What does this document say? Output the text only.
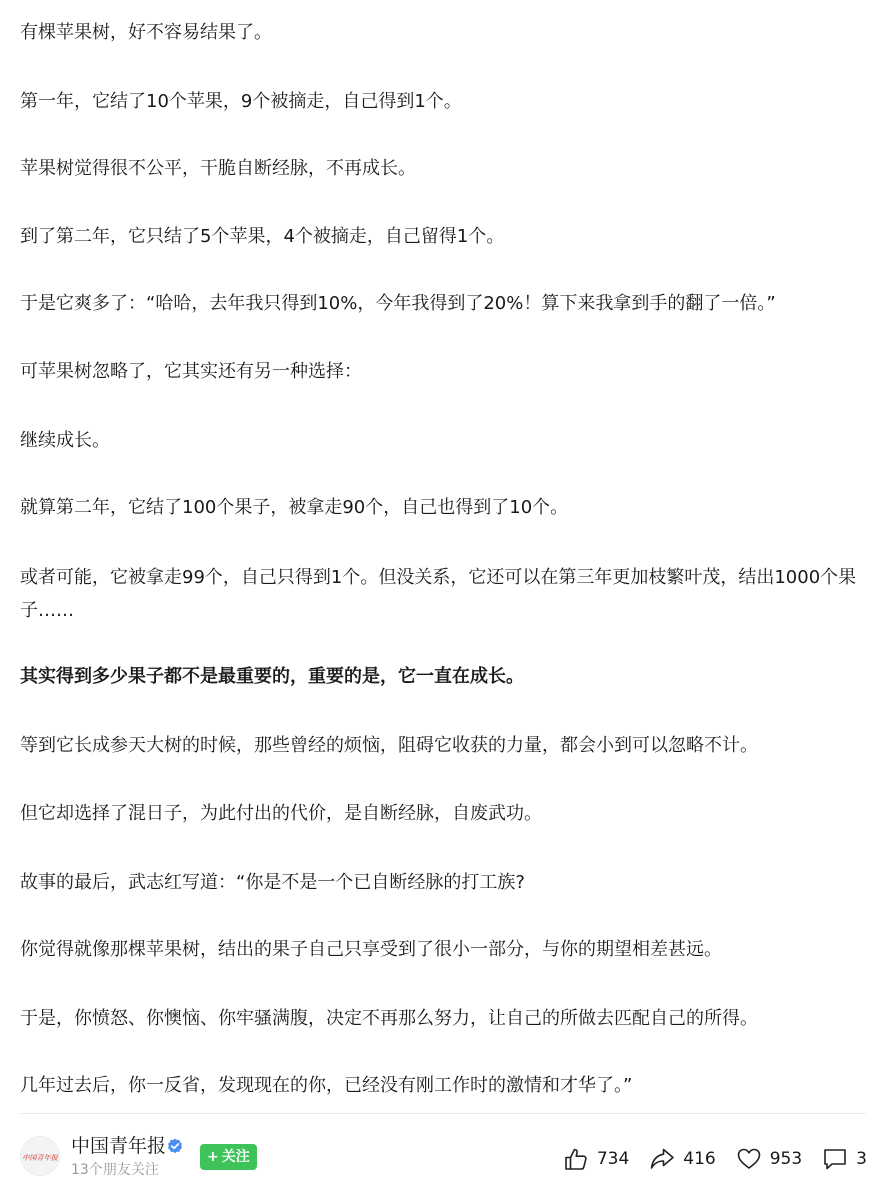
有棵苹果树，好不容易结果了。

第一年，它结了10个苹果，9个被摘走，自己得到1个。

苹果树觉得很不公平，干脆自断经脉，不再成长。

到了第二年，它只结了5个苹果，4个被摘走，自己留得1个。

于是它爽多了：“哈哈，去年我只得到10%，今年我得到了20%！算下来我拿到手的翻了一倍。”

可苹果树忽略了，它其实还有另一种选择：

继续成长。

就算第二年，它结了100个果子，被拿走90个，自己也得到了10个。

或者可能，它被拿走99个，自己只得到1个。但没关系，它还可以在第三年更加枝繁叶茂，结出1000个果子……

其实得到多少果子都不是最重要的，重要的是，它一直在成长。

等到它长成参天大树的时候，那些曾经的烦恼，阻碍它收获的力量，都会小到可以忽略不计。

但它却选择了混日子，为此付出的代价，是自断经脉，自废武功。

故事的最后，武志红写道：“你是不是一个已自断经脉的打工族?

你觉得就像那棵苹果树，结出的果子自己只享受到了很小一部分，与你的期望相差甚远。

于是，你愤怒、你懊恼、你牢骚满腹，决定不再那么努力，让自己的所做去匹配自己的所得。

几年过去后，你一反省，发现现在的你，已经没有刚工作时的激情和才华了。”

中国青年报
中国青年报
13个朋友关注
+ 关注	734	416	953	3
